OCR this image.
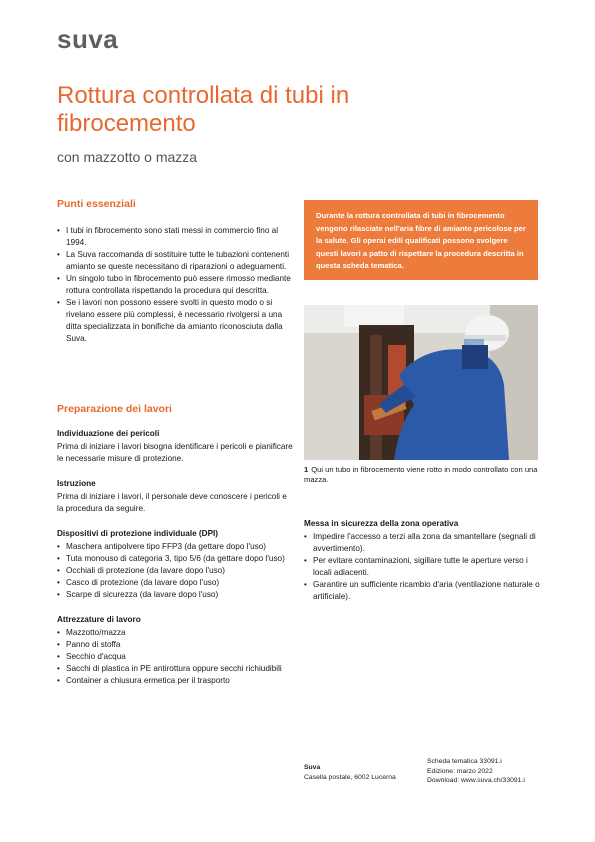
suva
Rottura controllata di tubi in fibrocemento
con mazzotto o mazza
Punti essenziali
• I tubi in fibrocemento sono stati messi in commercio fino al 1994.
• La Suva raccomanda di sostituire tutte le tubazioni contenenti amianto se queste necessitano di riparazioni o adeguamenti.
• Un singolo tubo in fibrocemento può essere rimosso mediante rottura controllata rispettando la procedura qui descritta.
• Se i lavori non possono essere svolti in questo modo o si rivelano essere più complessi, è necessario rivolgersi a una ditta specializzata in bonifiche da amianto riconosciuta dalla Suva.
Preparazione dei lavori
Individuazione dei pericoli
Prima di iniziare i lavori bisogna identificare i pericoli e pianificare le necessarie misure di protezione.
Istruzione
Prima di iniziare i lavori, il personale deve conoscere i pericoli e la procedura da seguire.
Dispositivi di protezione individuale (DPI)
• Maschera antipolvere tipo FFP3 (da gettare dopo l'uso)
• Tuta monouso di categoria 3, tipo 5/6 (da gettare dopo l'uso)
• Occhiali di protezione (da lavare dopo l'uso)
• Casco di protezione (da lavare dopo l'uso)
• Scarpe di sicurezza (da lavare dopo l'uso)
Attrezzature di lavoro
• Mazzotto/mazza
• Panno di stoffa
• Secchio d'acqua
• Sacchi di plastica in PE antirottura oppure secchi richiudibili
• Container a chiusura ermetica per il trasporto
Durante la rottura controllata di tubi in fibrocemento vengono rilasciate nell'aria fibre di amianto pericolose per la salute. Gli operai edili qualificati possono svolgere questi lavori a patto di rispettare la procedura descritta in questa scheda tematica.
1 Qui un tubo in fibrocemento viene rotto in modo controllato con una mazza.
Messa in sicurezza della zona operativa
• Impedire l'accesso a terzi alla zona da smantellare (segnali di avvertimento).
• Per evitare contaminazioni, sigillare tutte le aperture verso i locali adiacenti.
• Garantire un sufficiente ricambio d'aria (ventilazione naturale o artificiale).
Suva
Casella postale, 6002 Lucerna
Scheda tematica 33091.i
Edizione: marzo 2022
Download: www.suva.ch/33091.i
